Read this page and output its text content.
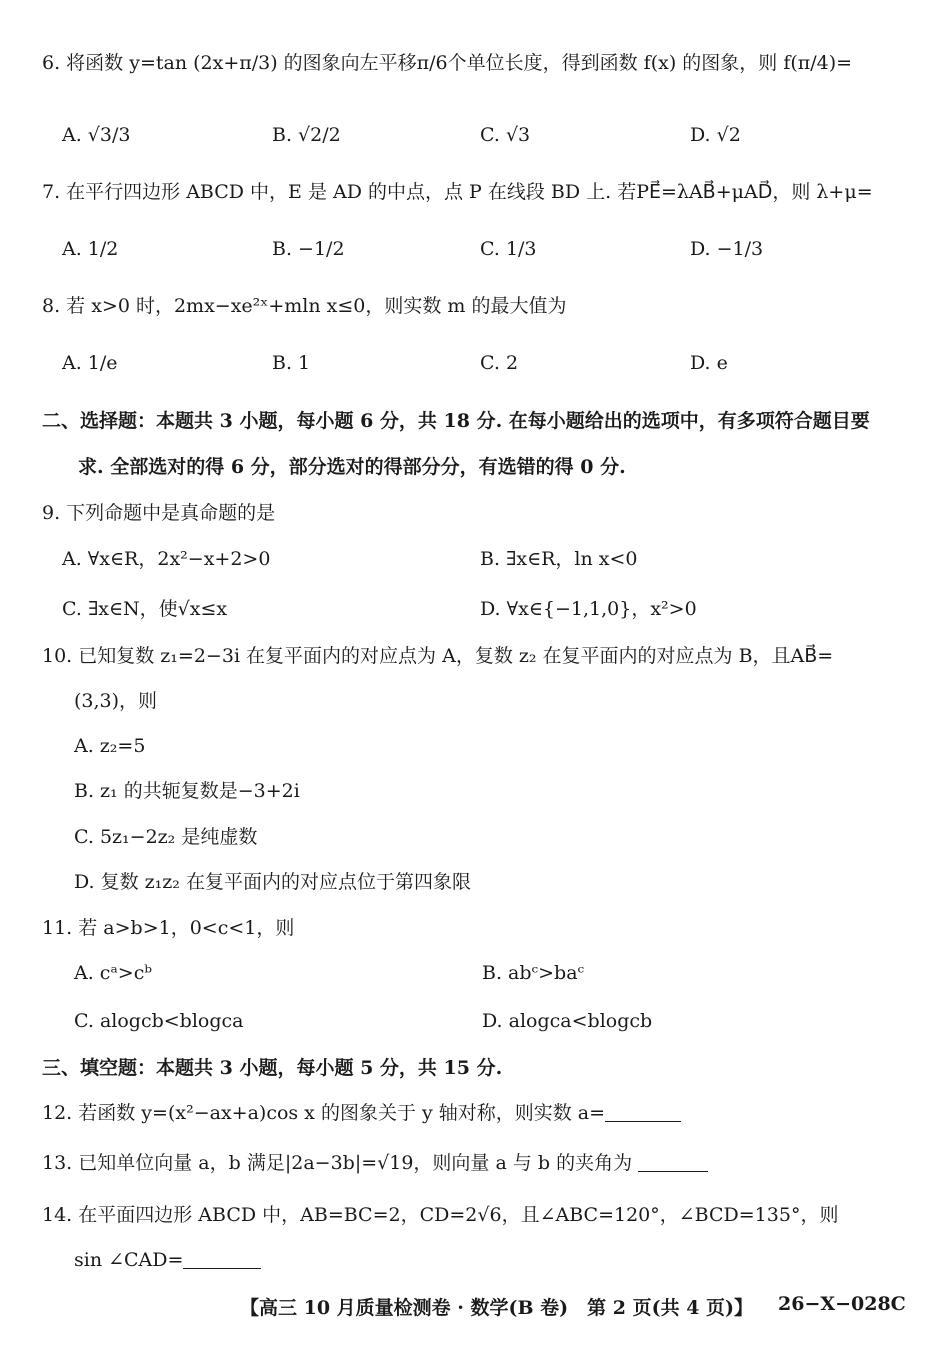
6. 将函数 y=tan (2x+π/3) 的图象向左平移π/6个单位长度，得到函数 f(x) 的图象，则 f(π/4)=
A. √3/3	B. √2/2	C. √3	D. √2
7. 在平行四边形 ABCD 中，E 是 AD 的中点，点 P 在线段 BD 上. 若PE⃗=λAB⃗+μAD⃗，则 λ+μ=
A. 1/2	B. −1/2	C. 1/3	D. −1/3
8. 若 x>0 时，2mx−xe²ˣ+mln x≤0，则实数 m 的最大值为
A. 1/e	B. 1	C. 2	D. e
二、选择题：本题共 3 小题，每小题 6 分，共 18 分. 在每小题给出的选项中，有多项符合题目要
求. 全部选对的得 6 分，部分选对的得部分分，有选错的得 0 分.
9. 下列命题中是真命题的是
A. ∀x∈R，2x²−x+2>0	B. ∃x∈R，ln x<0
C. ∃x∈N，使√x≤x	D. ∀x∈{−1,1,0}，x²>0
10. 已知复数 z₁=2−3i 在复平面内的对应点为 A，复数 z₂ 在复平面内的对应点为 B，且AB⃗=
(3,3)，则
A. z₂=5
B. z₁ 的共轭复数是−3+2i
C. 5z₁−2z₂ 是纯虚数
D. 复数 z₁z₂ 在复平面内的对应点位于第四象限
11. 若 a>b>1，0<c<1，则
A. cᵃ>cᵇ	B. abᶜ>baᶜ
C. alogcb<blogca	D. alogca<blogcb
三、填空题：本题共 3 小题，每小题 5 分，共 15 分.
12. 若函数 y=(x²−ax+a)cos x 的图象关于 y 轴对称，则实数 a=
13. 已知单位向量 a，b 满足|2a−3b|=√19，则向量 a 与 b 的夹角为
14. 在平面四边形 ABCD 中，AB=BC=2，CD=2√6，且∠ABC=120°，∠BCD=135°，则
sin ∠CAD=
【高三 10 月质量检测卷 · 数学(B 卷)　第 2 页(共 4 页)】 26−X−028C
